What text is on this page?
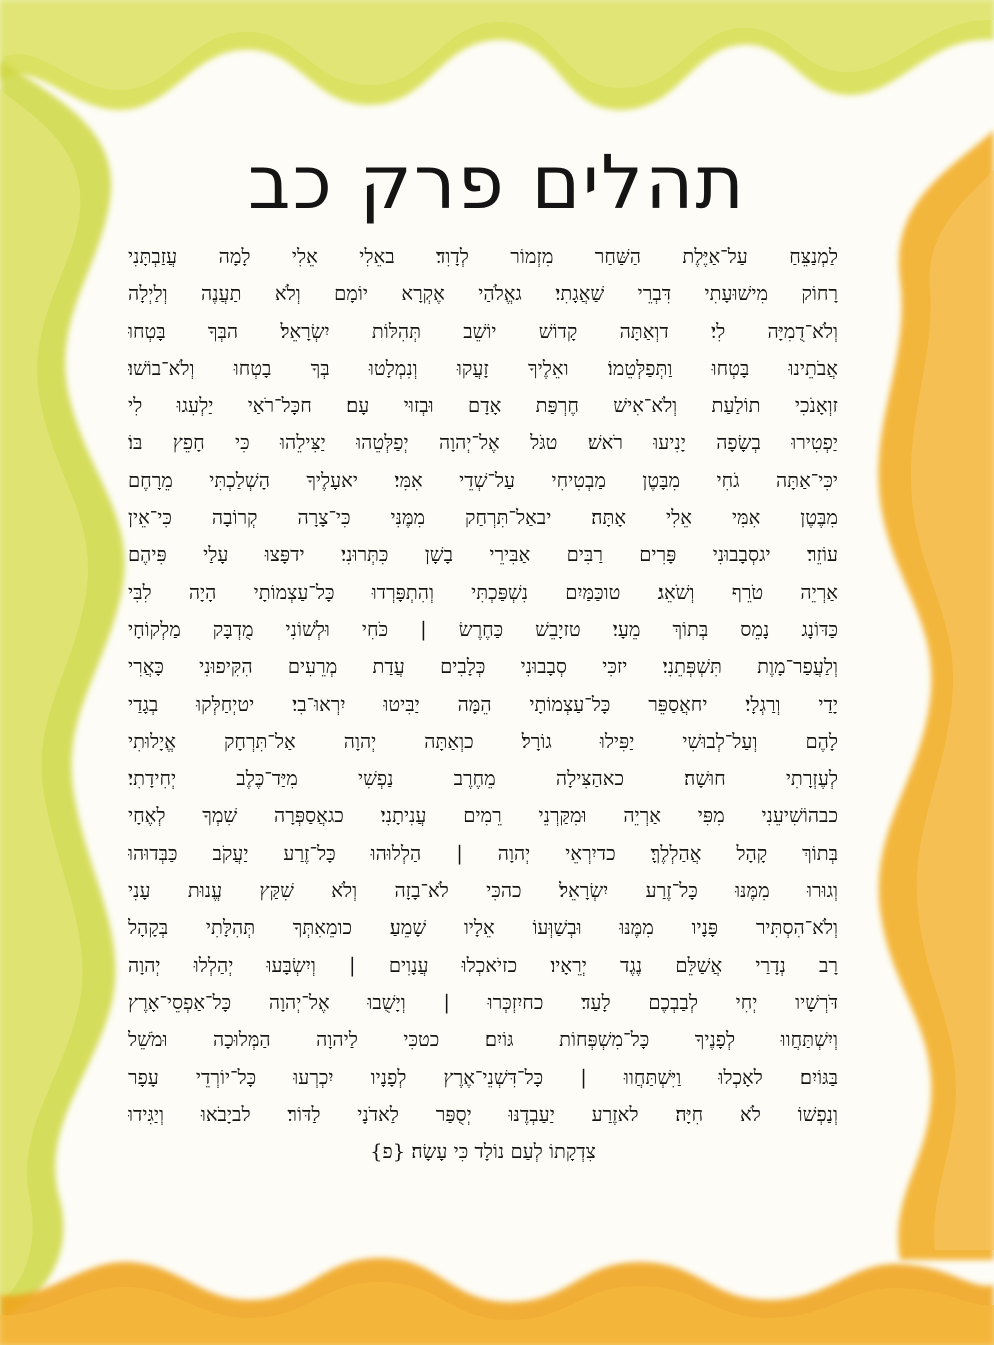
תהלים פרק כב
לַמְנַצֵּחַ עַל־אַיֶּלֶת הַשַּׁחַר מִזְמוֹר לְדָוִד׃ באֵלִי אֵלִי לָמָה עֲזַבְתָּנִי
רָחוֹק מִישׁוּעָתִי דִּבְרֵי שַׁאֲגָתִי׃ גאֱלֹהַי אֶקְרָא יוֹמָם וְלֹא תַעֲנֶה וְלַיְלָה
וְלֹא־דֻמִיָּה לִי׃ דוְאַתָּה קָדוֹשׁ יוֹשֵׁב תְּהִלּוֹת יִשְׂרָאֵל׃ הבְּךָ בָּטְחוּ
אֲבֹתֵינוּ בָּטְחוּ וַתְּפַלְּטֵמוֹ׃ ואֵלֶיךָ זָעֲקוּ וְנִמְלָטוּ בְּךָ בָטְחוּ וְלֹא־בוֹשׁוּ׃
זוְאָנֹכִי תוֹלַעַת וְלֹא־אִישׁ חֶרְפַּת אָדָם וּבְזוּי עָם׃ חכָּל־רֹאַי יַלְעִגוּ לִי
יַפְטִירוּ בְשָׂפָה יָנִיעוּ רֹאשׁ׃ טגֹּל אֶל־יְהוָה יְפַלְּטֵהוּ יַצִּילֵהוּ כִּי חָפֵץ בּוֹ׃
יכִּי־אַתָּה גֹחִי מִבָּטֶן מַבְטִיחִי עַל־שְׁדֵי אִמִּי׃ יאעָלֶיךָ הָשְׁלַכְתִּי מֵרָחֶם
מִבֶּטֶן אִמִּי אֵלִי אָתָּה׃ יבאַל־תִּרְחַק מִמֶּנִּי כִּי־צָרָה קְרוֹבָה כִּי־אֵין
עוֹזֵר׃ יגסְבָבוּנִי פָּרִים רַבִּים אַבִּירֵי בָשָׁן כִּתְּרוּנִי׃ ידפָּצוּ עָלַי פִּיהֶם
אַרְיֵה טֹרֵף וְשֹׁאֵג׃ טוכַּמַּיִם נִשְׁפַּכְתִּי וְהִתְפָּרְדוּ כָּל־עַצְמוֹתָי הָיָה לִבִּי
כַּדּוֹנָג נָמֵס בְּתוֹךְ מֵעָי׃ טזיָבֵשׁ כַּחֶרֶשׂ | כֹּחִי וּלְשׁוֹנִי מֻדְבָּק מַלְקוֹחָי
וְלַעֲפַר־מָוֶת תִּשְׁפְּתֵנִי׃ יזכִּי סְבָבוּנִי כְּלָבִים עֲדַת מְרֵעִים הִקִּיפוּנִי כָּאֲרִי
יָדַי וְרַגְלָי׃ יחאֲסַפֵּר כָּל־עַצְמוֹתָי הֵמָּה יַבִּיטוּ יִרְאוּ־בִי׃ יטיְחַלְּקוּ בְגָדַי
לָהֶם וְעַל־לְבוּשִׁי יַפִּילוּ גוֹרָל׃ כוְאַתָּה יְהוָה אַל־תִּרְחָק אֱיָלוּתִי
לְעֶזְרָתִי חוּשָׁה׃ כאהַצִּילָה מֵחֶרֶב נַפְשִׁי מִיַּד־כֶּלֶב יְחִידָתִי׃
כבהוֹשִׁיעֵנִי מִפִּי אַרְיֵה וּמִקַּרְנֵי רֵמִים עֲנִיתָנִי׃ כגאֲסַפְּרָה שִׁמְךָ לְאֶחָי
בְּתוֹךְ קָהָל אֲהַלְלֶךָּ׃ כדיִרְאֵי יְהוָה | הַלְלוּהוּ כָּל־זֶרַע יַעֲקֹב כַּבְּדוּהוּ
וְגוּרוּ מִמֶּנּוּ כָּל־זֶרַע יִשְׂרָאֵל׃ כהכִּי לֹא־בָזָה וְלֹא שִׁקַּץ עֱנוּת עָנִי
וְלֹא־הִסְתִּיר פָּנָיו מִמֶּנּוּ וּבְשַׁוְּעוֹ אֵלָיו שָׁמֵעַ׃ כומֵאִתְּךָ תְּהִלָּתִי בְּקָהָל
רָב נְדָרַי אֲשַׁלֵּם נֶגֶד יְרֵאָיו׃ כזיֹאכְלוּ עֲנָוִים | וְיִשְׂבָּעוּ יְהַלְלוּ יְהוָה
דֹּרְשָׁיו יְחִי לְבַבְכֶם לָעַד׃ כחיִזְכְּרוּ | וְיָשֻׁבוּ אֶל־יְהוָה כָּל־אַפְסֵי־אָרֶץ
וְיִשְׁתַּחֲווּ לְפָנֶיךָ כָּל־מִשְׁפְּחוֹת גּוֹיִם׃ כטכִּי לַיהוָה הַמְּלוּכָה וּמֹשֵׁל
בַּגּוֹיִם׃ לאָכְלוּ וַיִּשְׁתַּחֲווּ | כָּל־דִּשְׁנֵי־אֶרֶץ לְפָנָיו יִכְרְעוּ כָּל־יוֹרְדֵי עָפָר
וְנַפְשׁוֹ לֹא חִיָּה׃ לאזֶרַע יַעַבְדֶנּוּ יְסֻפַּר לַאדֹנָי לַדּוֹר׃ לביָבֹאוּ וְיַגִּידוּ
צִדְקָתוֹ לְעַם נוֹלָד כִּי עָשָׂה׃ {פ}
